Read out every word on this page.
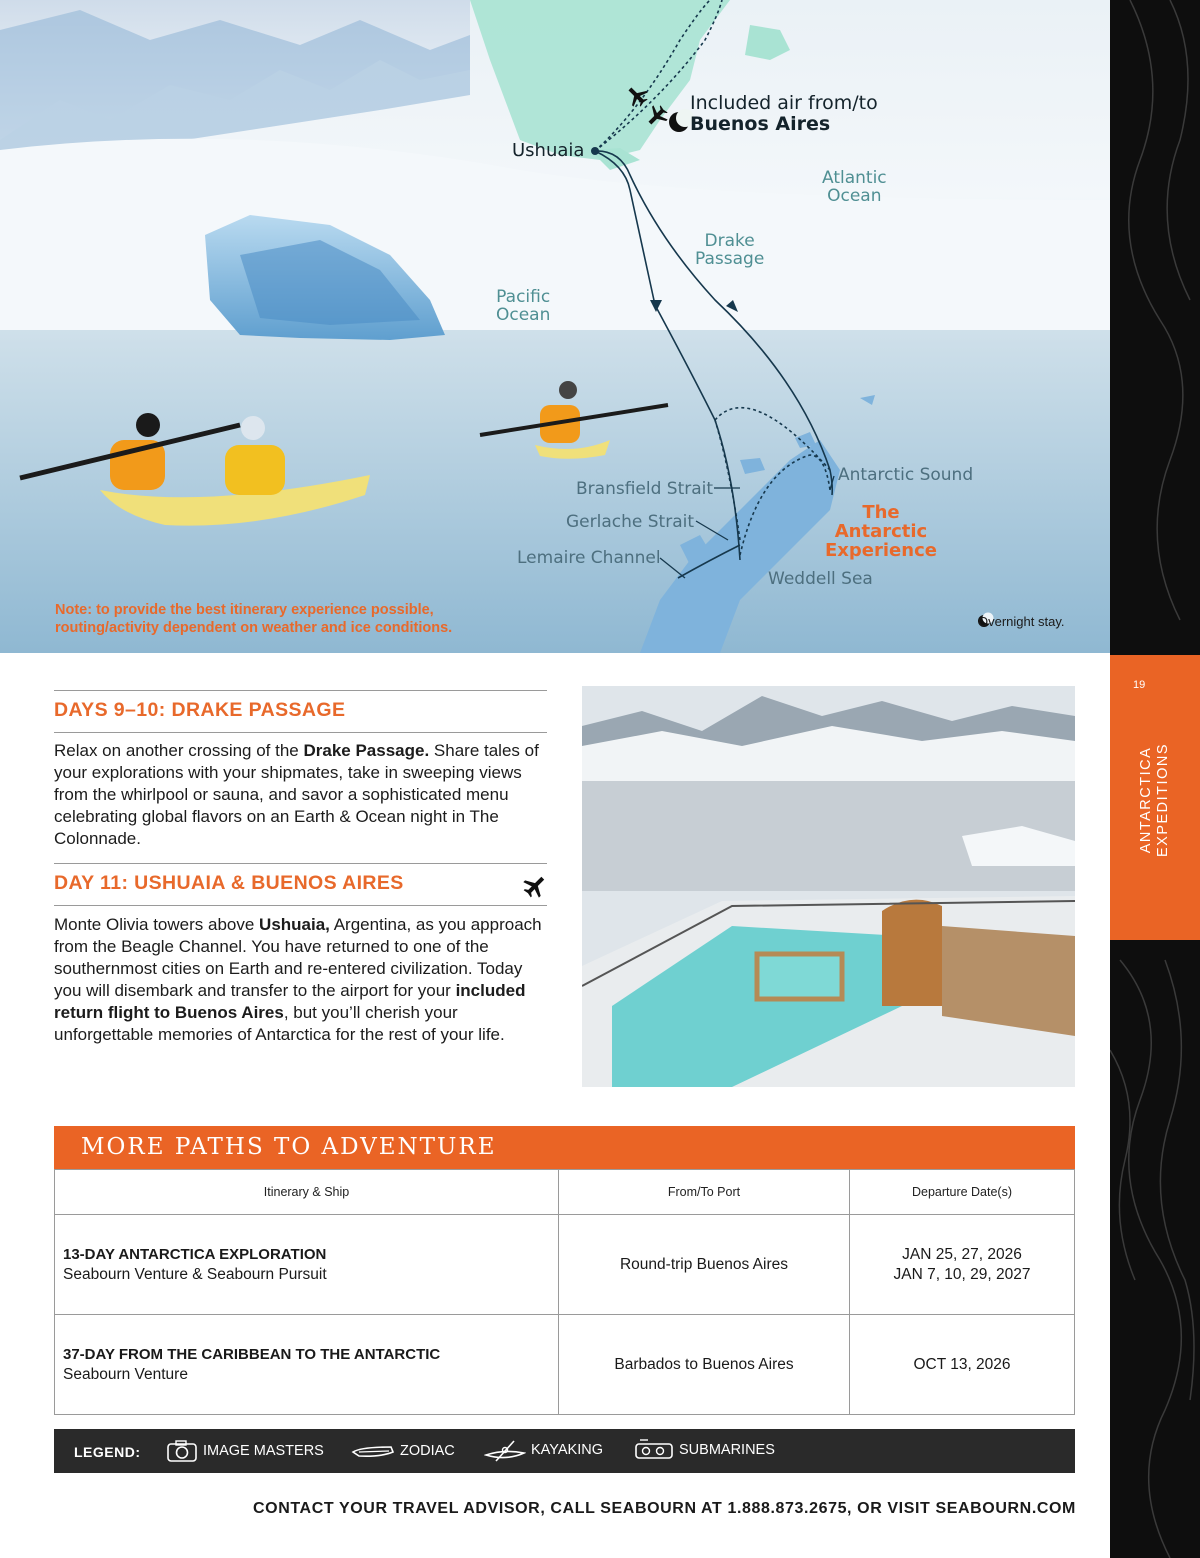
Included air from/to
Buenos Aires
Ushuaia
Atlantic
Ocean
Pacific
Ocean
Drake
Passage
Antarctic Sound
Bransfield Strait
Gerlache Strait
Lemaire Channel
Weddell Sea
The
Antarctic
Experience
Note: to provide the best itinerary experience possible,
routing/activity dependent on weather and ice conditions.	Overnight stay.
19
ANTARCTICA
EXPEDITIONS
DAYS 9–10: DRAKE PASSAGE
Relax on another crossing of the Drake Passage. Share tales of your explorations with your shipmates, take in sweeping views from the whirlpool or sauna, and savor a sophisticated menu celebrating global flavors on an Earth & Ocean night in The Colonnade.
DAY 11: USHUAIA & BUENOS AIRES
Monte Olivia towers above Ushuaia, Argentina, as you approach from the Beagle Channel. You have returned to one of the southernmost cities on Earth and re-entered civilization. Today you will disembark and transfer to the airport for your included return flight to Buenos Aires, but you’ll cherish your unforgettable memories of Antarctica for the rest of your life.
MORE PATHS TO ADVENTURE
Itinerary & Ship	From/To Port	Departure Date(s)
13-DAY ANTARCTICA EXPLORATION
Seabourn Venture & Seabourn Pursuit	Round-trip Buenos Aires	JAN 25, 27, 2026
JAN 7, 10, 29, 2027
37-DAY FROM THE CARIBBEAN TO THE ANTARCTIC
Seabourn Venture	Barbados to Buenos Aires	OCT 13, 2026
LEGEND:	IMAGE MASTERS	ZODIAC	KAYAKING	SUBMARINES
CONTACT YOUR TRAVEL ADVISOR, CALL SEABOURN AT 1.888.873.2675, OR VISIT SEABOURN.COM
